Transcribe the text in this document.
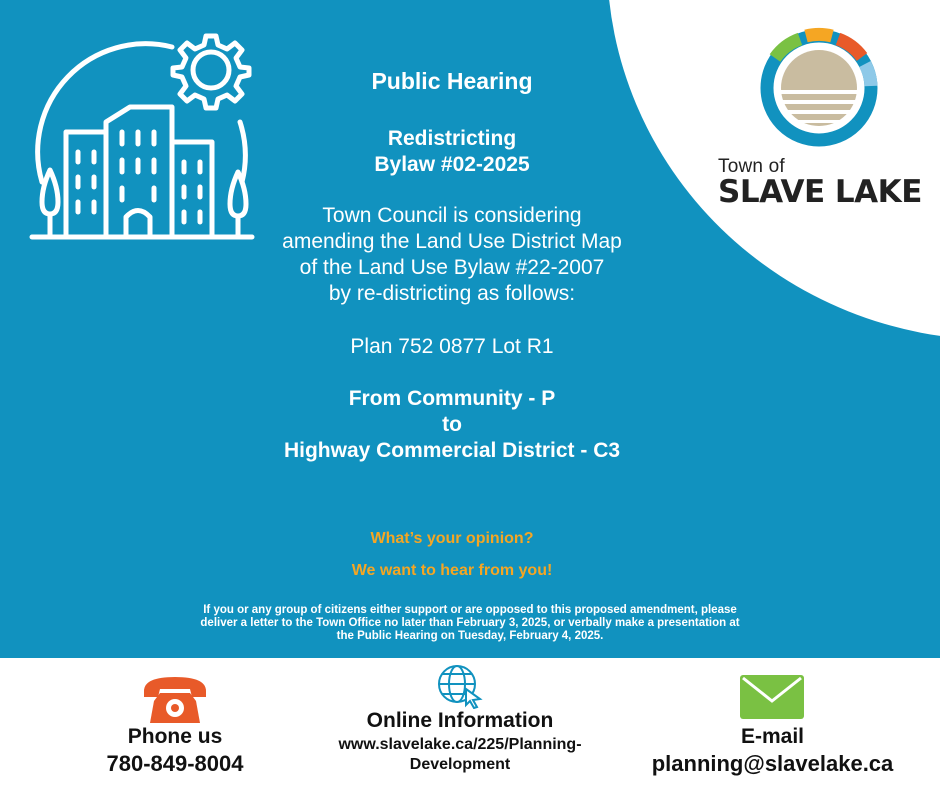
Town of
SLAVE LAKE
Public Hearing
Redistricting
Bylaw #02-2025
Town Council is considering
amending the Land Use District Map
of the Land Use Bylaw #22-2007
by re-districting as follows:
Plan 752 0877 Lot R1
From Community - P
to
Highway Commercial District - C3
What’s your opinion?
We want to hear from you!
If you or any group of citizens either support or are opposed to this proposed amendment, please
deliver a letter to the Town Office no later than February 3, 2025, or verbally make a presentation at
the Public Hearing on Tuesday, February 4, 2025.
Phone us
780-849-8004
Online Information
www.slavelake.ca/225/Planning-
Development
E-mail
planning@slavelake.ca
